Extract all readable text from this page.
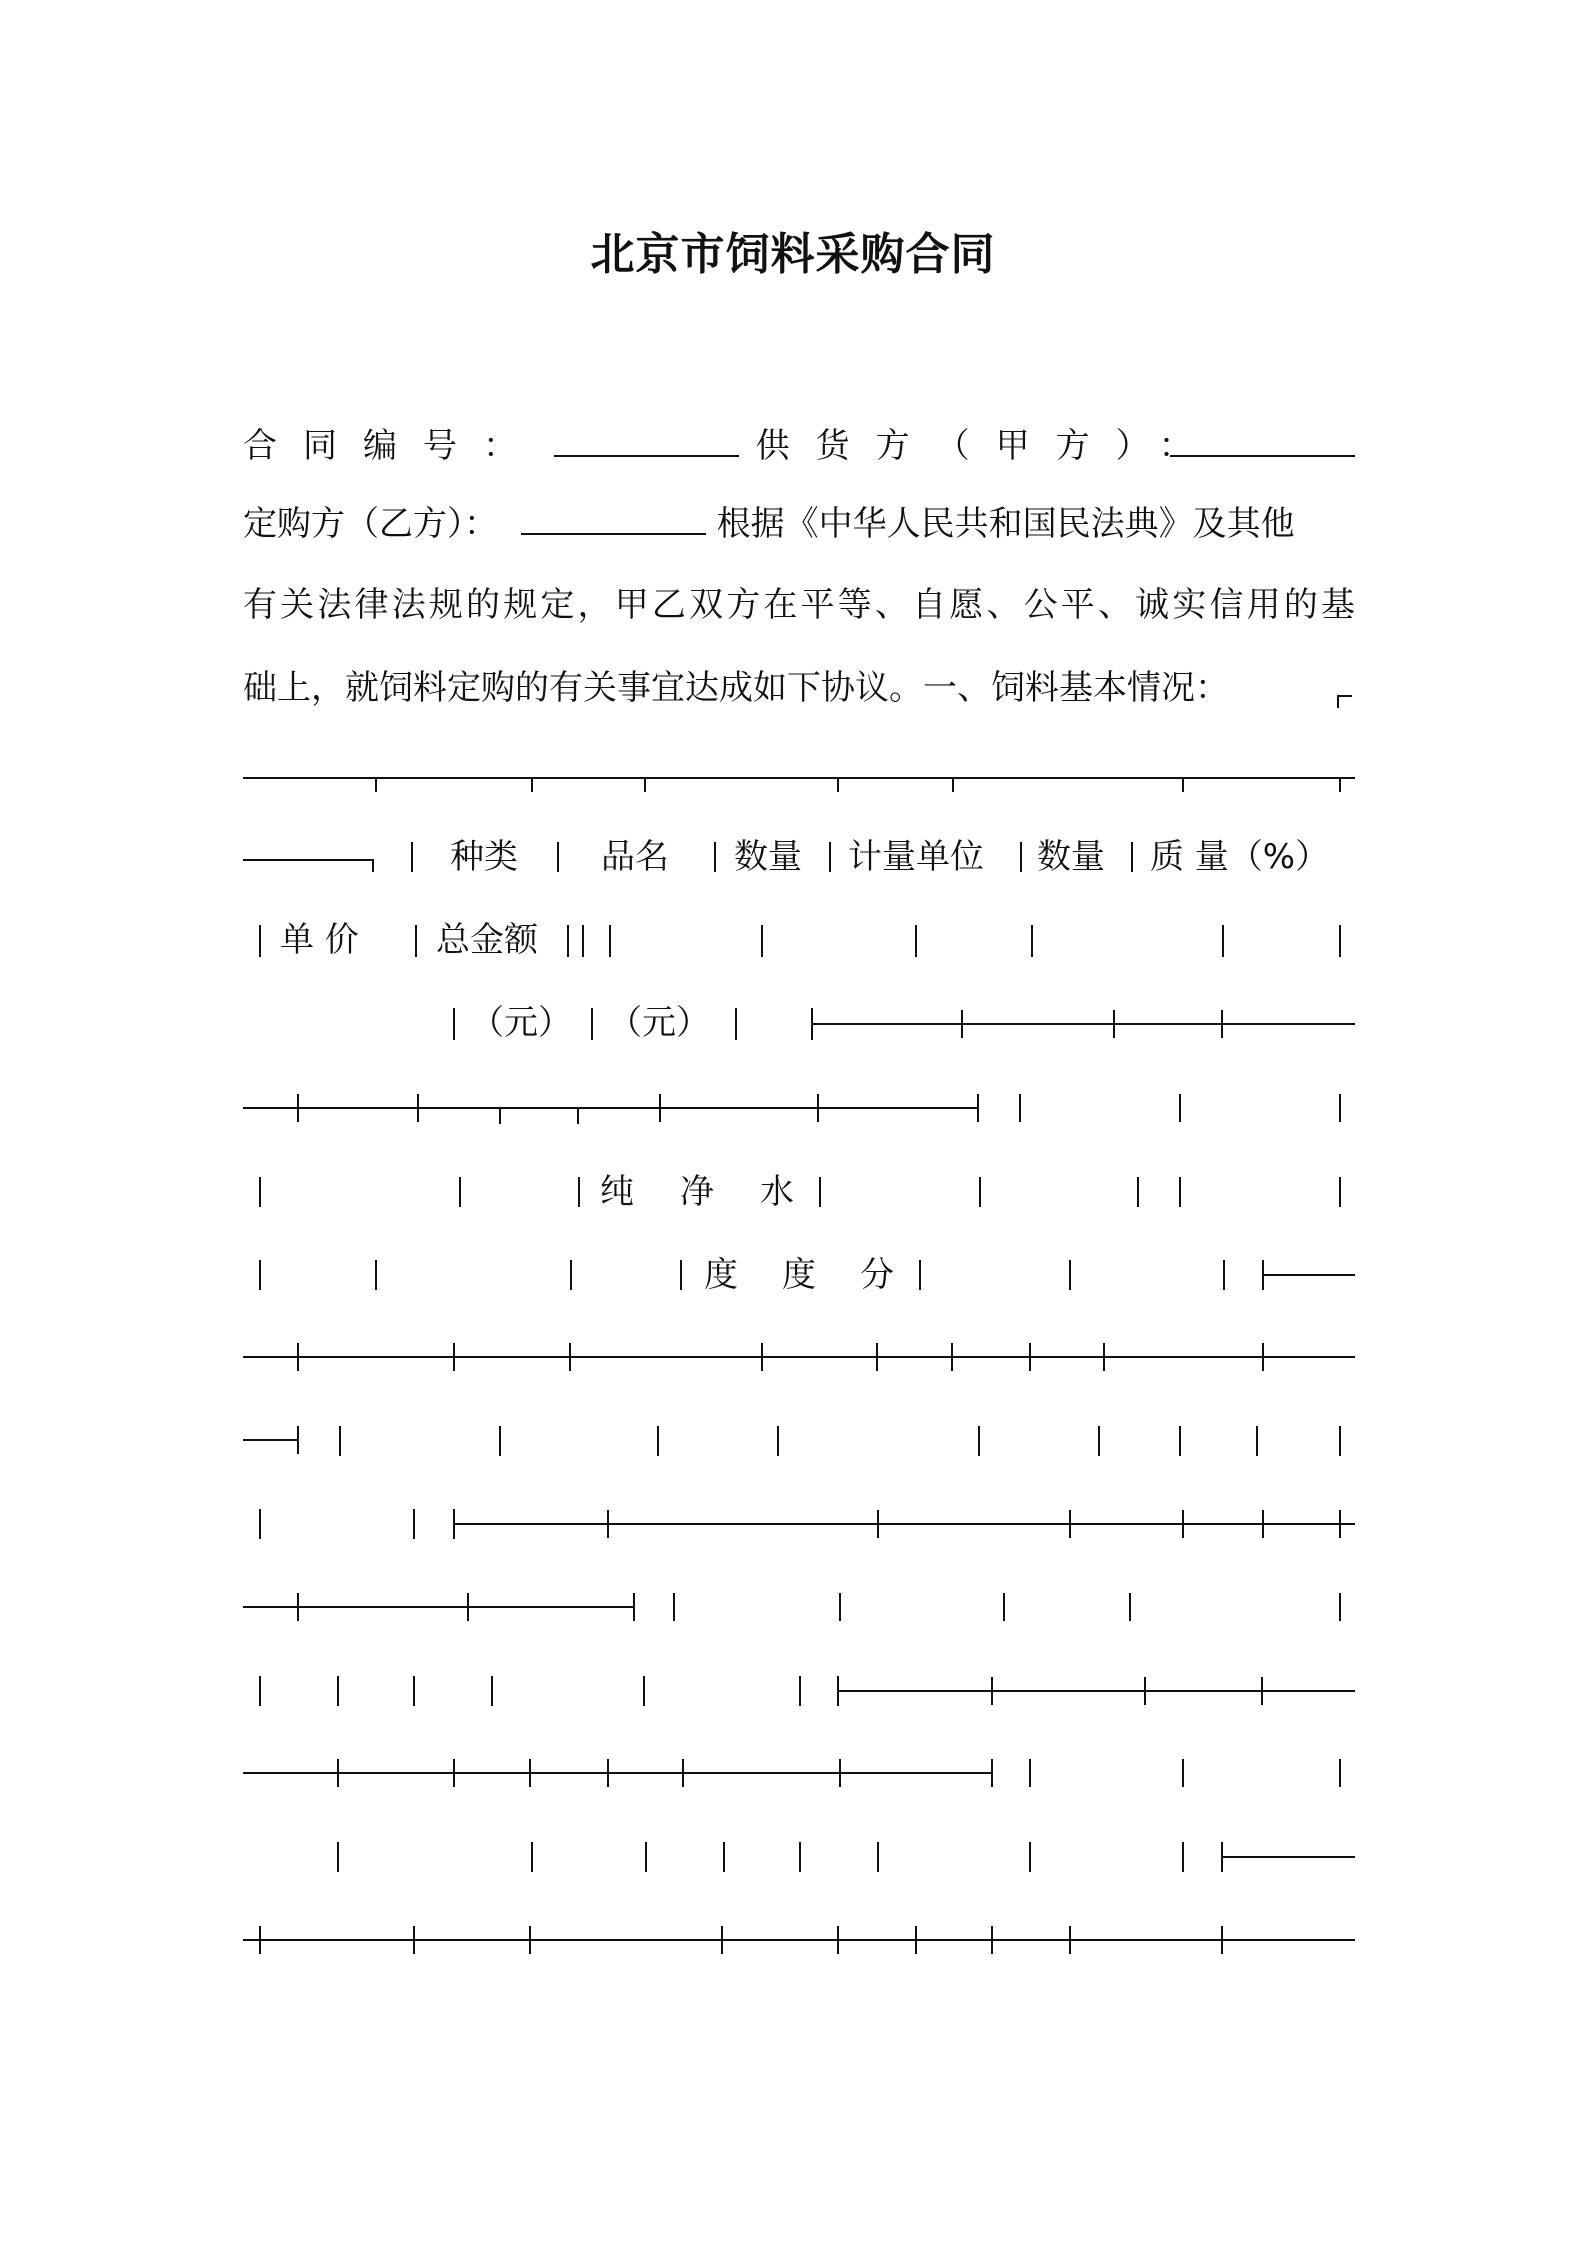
北京市饲料采购合同
合同编号：	供货方（甲方）：
定购方（乙方）：	根据《中华人民共和国民法典》及其他
有关法律法规的规定，甲乙双方在平等、自愿、公平、诚实信用的基
础上，就饲料定购的有关事宜达成如下协议。一、饲料基本情况：
种类 品名 数量 计量单位 数量 质 量（%）
单 价 总金额
（元） （元）
纯 净 水
度 度 分
